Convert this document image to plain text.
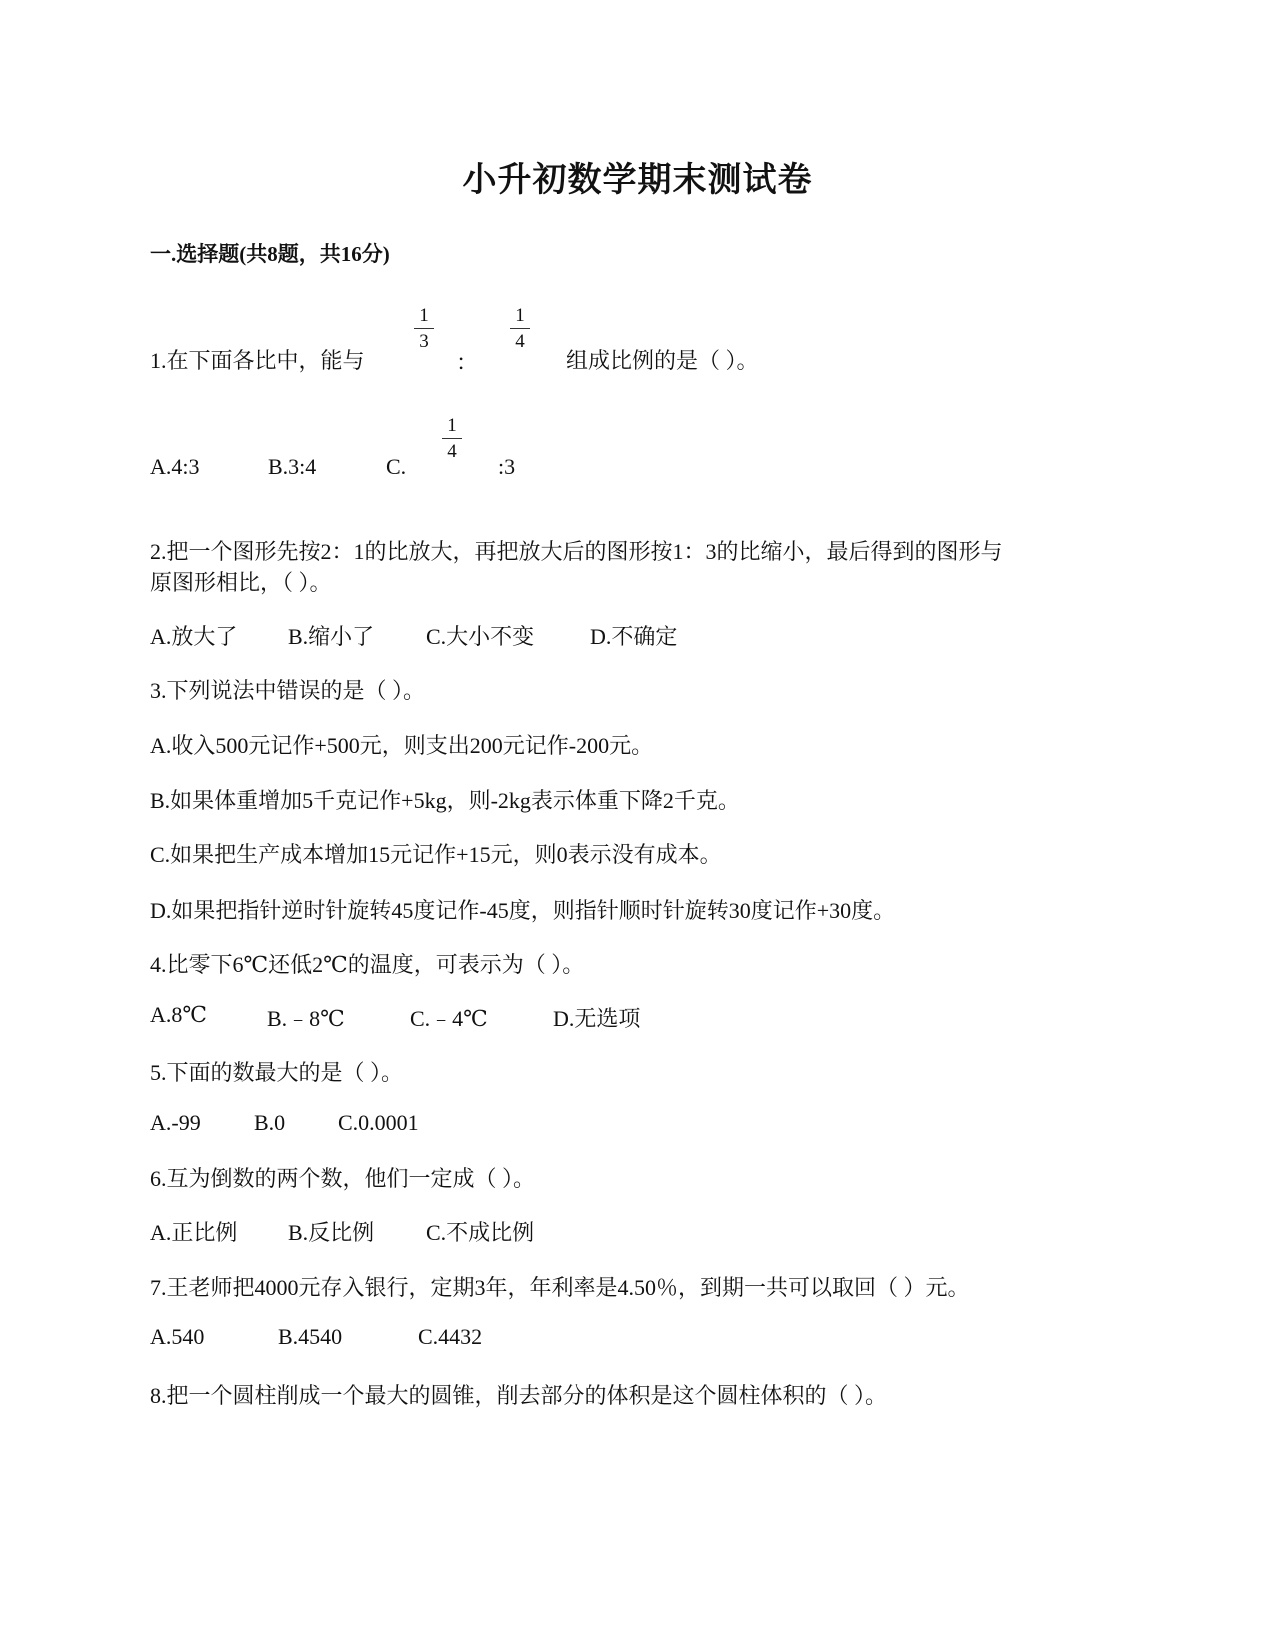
小升初数学期末测试卷
一.选择题(共8题，共16分)
1.在下面各比中，能与
1
3
：
1
4
组成比例的是（ ）。
A.4:3	B.3:4	C.
1
4
:3
2.把一个图形先按2：1的比放大，再把放大后的图形按1：3的比缩小，最后得到的图形与
原图形相比，（ ）。
A.放大了 B.缩小了 C.大小不变	D.不确定
3.下列说法中错误的是（ ）。
A.收入500元记作+500元，则支出200元记作-200元。
B.如果体重增加5千克记作+5kg，则-2kg表示体重下降2千克。
C.如果把生产成本增加15元记作+15元，则0表示没有成本。
D.如果把指针逆时针旋转45度记作-45度，则指针顺时针旋转30度记作+30度。
4.比零下6℃还低2℃的温度，可表示为（ ）。
A.8℃	B.﹣8℃	C.﹣4℃	D.无选项
5.下面的数最大的是（ ）。
A.-99 B.0 C.0.0001
6.互为倒数的两个数，他们一定成（ ）。
A.正比例 B.反比例 C.不成比例
7.王老师把4000元存入银行，定期3年，年利率是4.50％，到期一共可以取回（ ）元。
A.540	B.4540	C.4432
8.把一个圆柱削成一个最大的圆锥，削去部分的体积是这个圆柱体积的（ ）。
